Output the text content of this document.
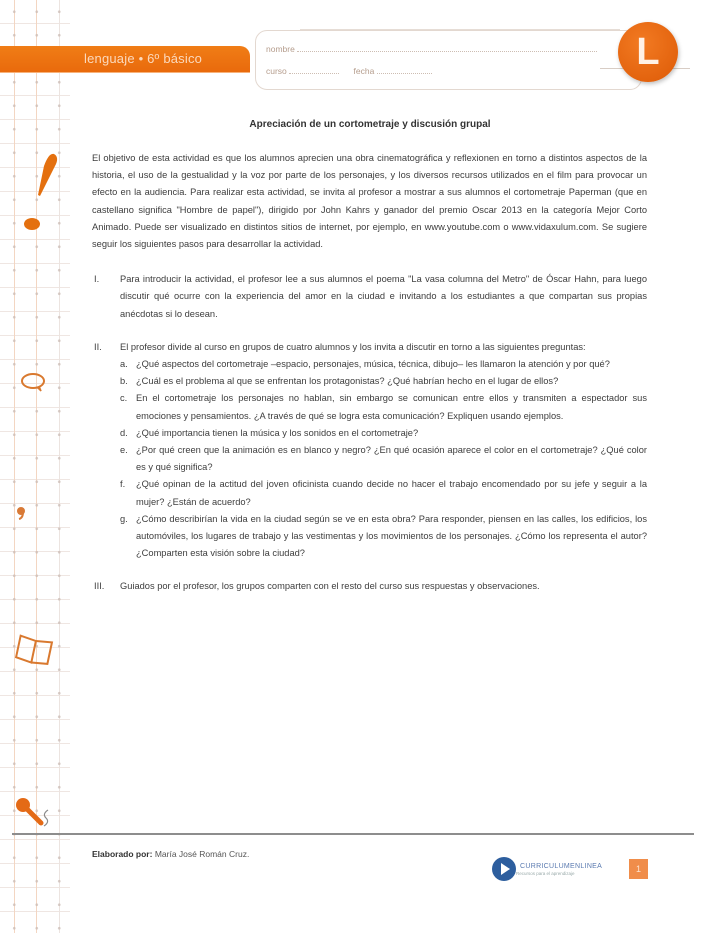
lenguaje • 6º básico
nombre
curso	fecha	L
Apreciación de un cortometraje y discusión grupal

El objetivo de esta actividad es que los alumnos aprecien una obra cinematográfica y reflexionen en torno a distintos aspectos de la historia, el uso de la gestualidad y la voz por parte de los personajes, y los diversos recursos utilizados en el film para provocar un efecto en la audiencia. Para realizar esta actividad, se invita al profesor a mostrar a sus alumnos el cortometraje Paperman (que en castellano significa "Hombre de papel"), dirigido por John Kahrs y ganador del premio Oscar 2013 en la categoría Mejor Corto Animado. Puede ser visualizado en distintos sitios de internet, por ejemplo, en www.youtube.com o www.vidaxulum.com. Se sugiere seguir los siguientes pasos para desarrollar la actividad.

I.	Para introducir la actividad, el profesor lee a sus alumnos el poema "La vasa columna del Metro" de Óscar Hahn, para luego discutir qué ocurre con la experiencia del amor en la ciudad e invitando a los estudiantes a que compartan sus propias anécdotas si lo desean.
II.	El profesor divide al curso en grupos de cuatro alumnos y los invita a discutir en torno a las siguientes preguntas:
a. ¿Qué aspectos del cortometraje –espacio, personajes, música, técnica, dibujo– les llamaron la atención y por qué?
b. ¿Cuál es el problema al que se enfrentan los protagonistas? ¿Qué habrían hecho en el lugar de ellos?
c. En el cortometraje los personajes no hablan, sin embargo se comunican entre ellos y transmiten a espectador sus emociones y pensamientos. ¿A través de qué se logra esta comunicación? Expliquen usando ejemplos.
d. ¿Qué importancia tienen la música y los sonidos en el cortometraje?
e. ¿Por qué creen que la animación es en blanco y negro? ¿En qué ocasión aparece el color en el cortometraje? ¿Qué color es y qué significa?
f.	¿Qué opinan de la actitud del joven oficinista cuando decide no hacer el trabajo encomendado por su jefe y seguir a la mujer? ¿Están de acuerdo?
g. ¿Cómo describirían la vida en la ciudad según se ve en esta obra? Para responder, piensen en las calles, los edificios, los automóviles, los lugares de trabajo y las vestimentas y los movimientos de los personajes. ¿Cómo los representa el autor? ¿Comparten esta visión sobre la ciudad?
III.	Guiados por el profesor, los grupos comparten con el resto del curso sus respuestas y observaciones.
Elaborado por: María José Román Cruz.
CURRICULUMENLINEA
Recursos para el aprendizaje	1
